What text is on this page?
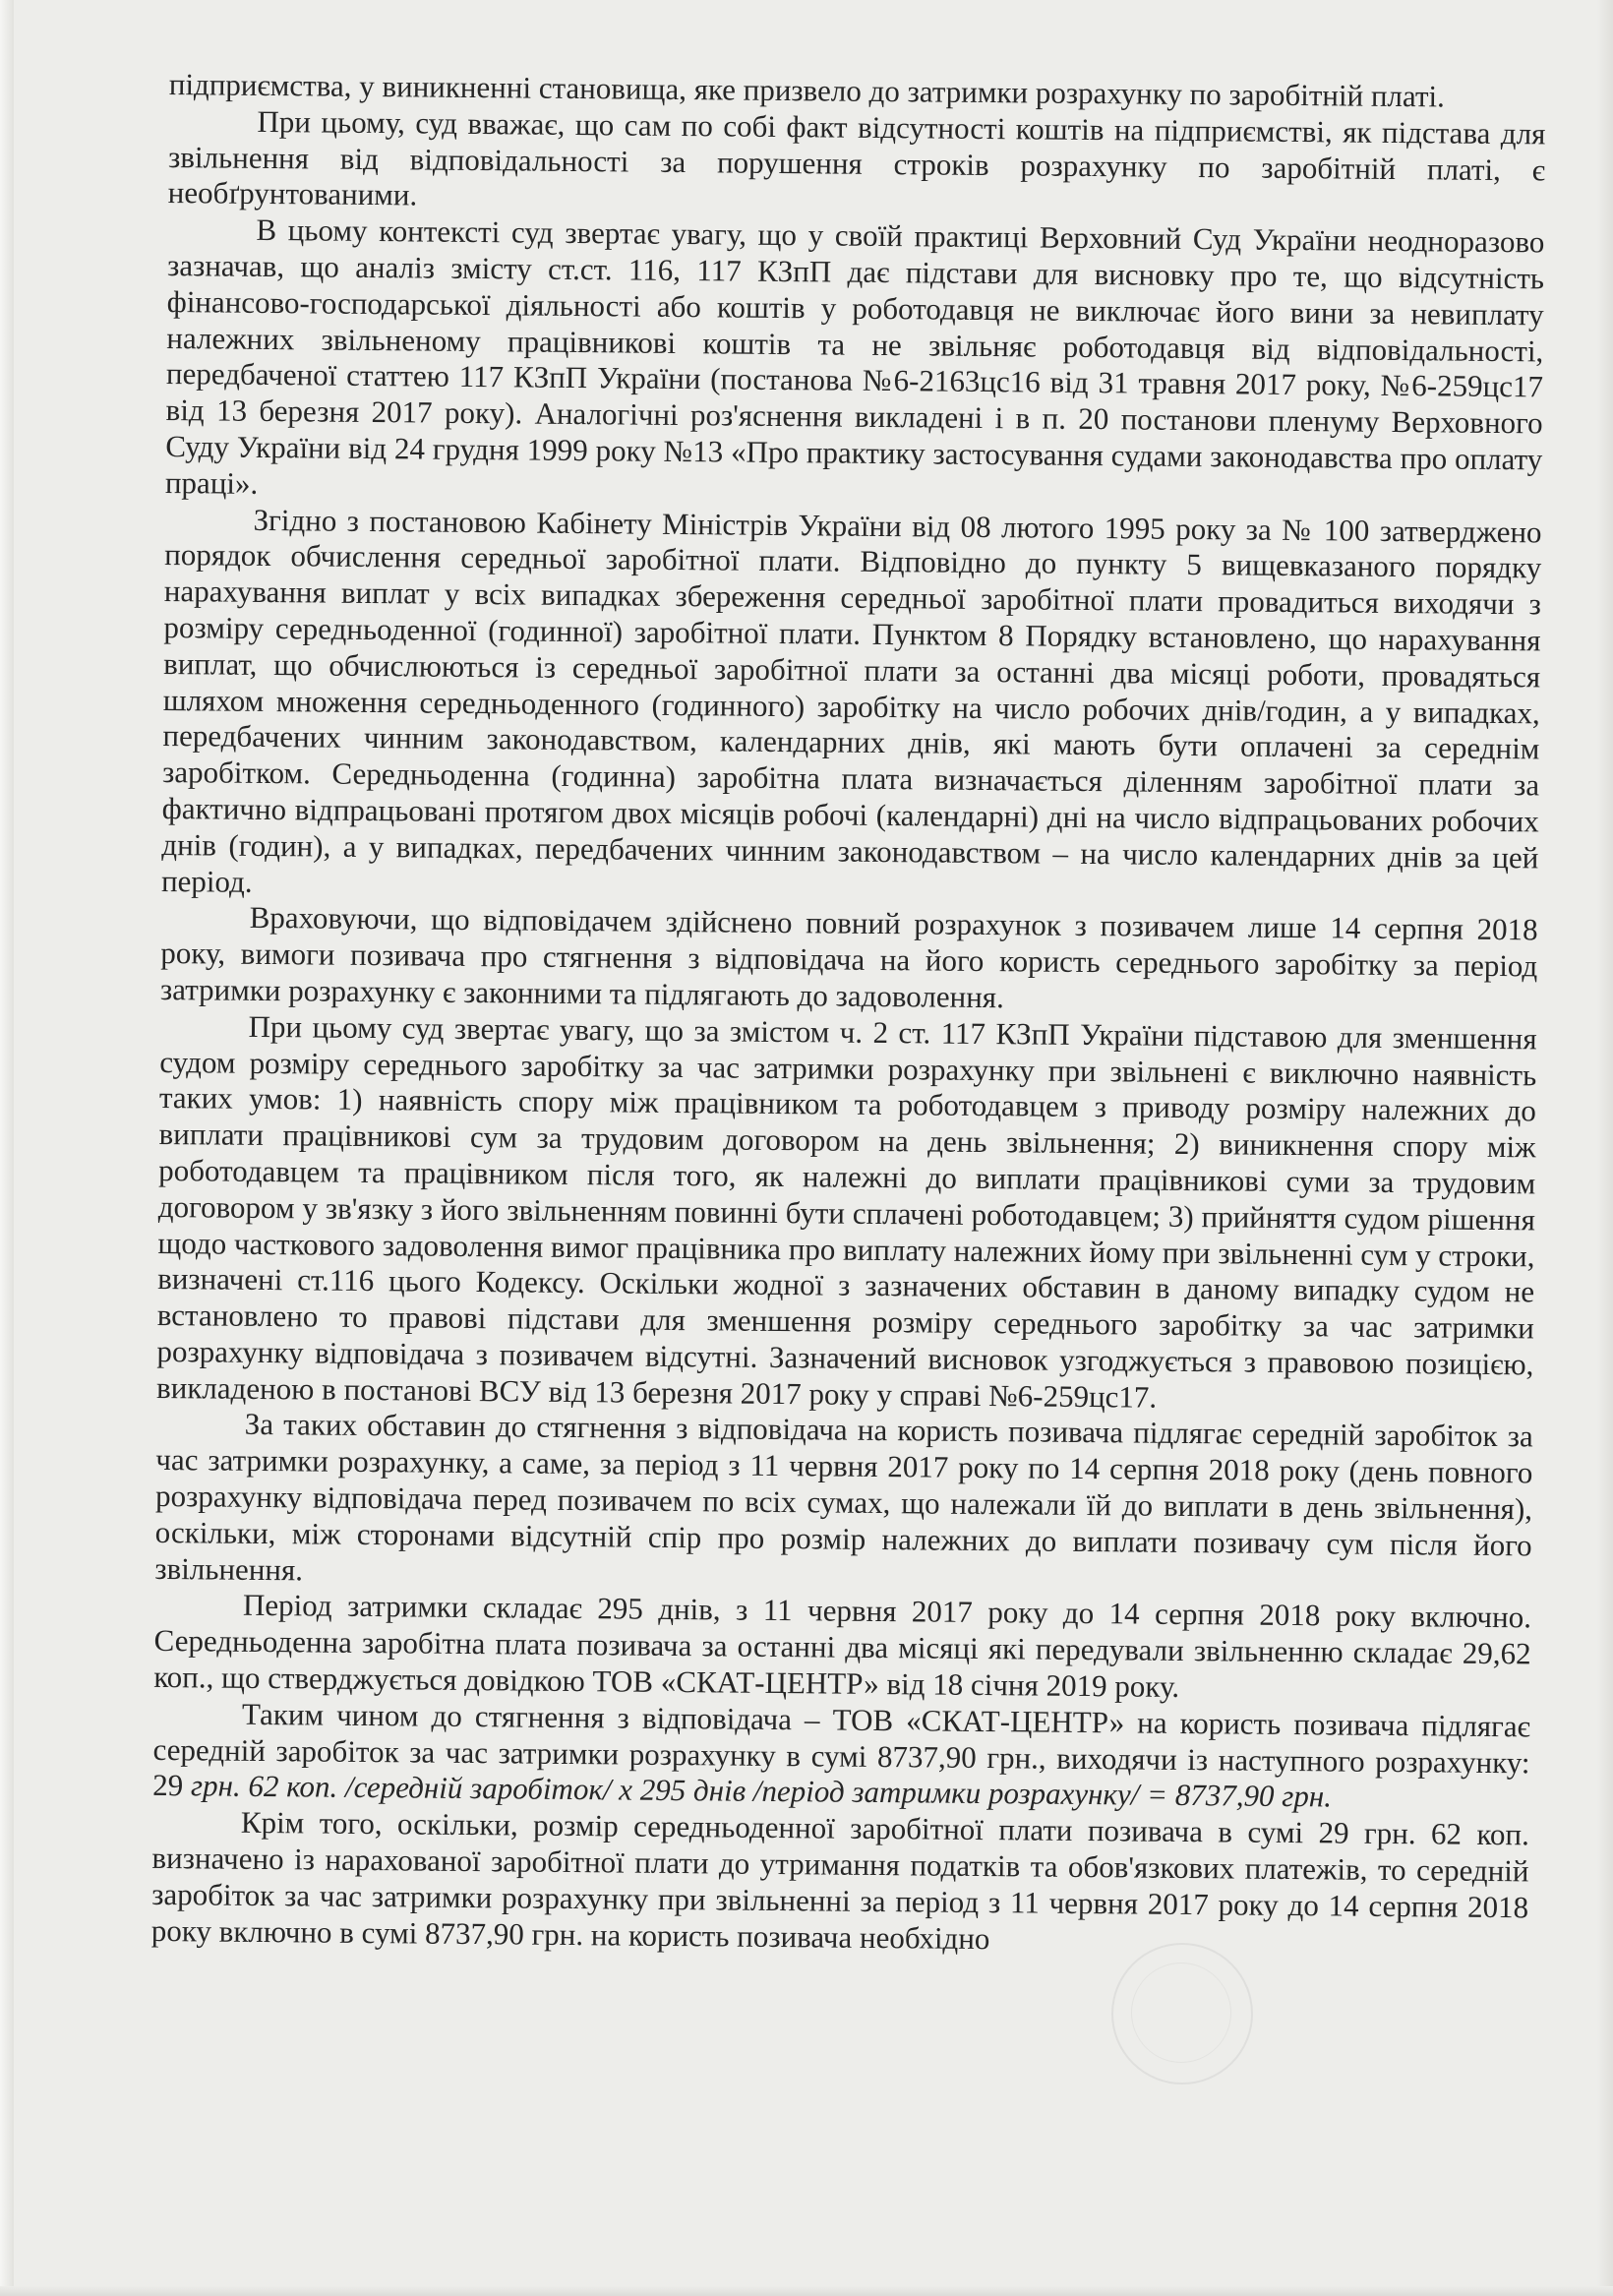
підприємства, у виникненні становища, яке призвело до затримки розрахунку по заробітній платі.

При цьому, суд вважає, що сам по собі факт відсутності коштів на підприємстві, як підстава для звільнення від відповідальності за порушення строків розрахунку по заробітній платі, є необґрунтованими.

В цьому контексті суд звертає увагу, що у своїй практиці Верховний Суд України неодноразово зазначав, що аналіз змісту ст.ст. 116, 117 КЗпП дає підстави для висновку про те, що відсутність фінансово-господарської діяльності або коштів у роботодавця не виключає його вини за невиплату належних звільненому працівникові коштів та не звільняє роботодавця від відповідальності, передбаченої статтею 117 КЗпП України (постанова №6-2163цс16 від 31 травня 2017 року, №6-259цс17 від 13 березня 2017 року). Аналогічні роз'яснення викладені і в п. 20 постанови пленуму Верховного Суду України від 24 грудня 1999 року №13 «Про практику застосування судами законодавства про оплату праці».

Згідно з постановою Кабінету Міністрів України від 08 лютого 1995 року за № 100 затверджено порядок обчислення середньої заробітної плати. Відповідно до пункту 5 вищевказаного порядку нарахування виплат у всіх випадках збереження середньої заробітної плати провадиться виходячи з розміру середньоденної (годинної) заробітної плати. Пунктом 8 Порядку встановлено, що нарахування виплат, що обчислюються із середньої заробітної плати за останні два місяці роботи, провадяться шляхом множення середньоденного (годинного) заробітку на число робочих днів/годин, а у випадках, передбачених чинним законодавством, календарних днів, які мають бути оплачені за середнім заробітком. Середньоденна (годинна) заробітна плата визначається діленням заробітної плати за фактично відпрацьовані протягом двох місяців робочі (календарні) дні на число відпрацьованих робочих днів (годин), а у випадках, передбачених чинним законодавством – на число календарних днів за цей період.

Враховуючи, що відповідачем здійснено повний розрахунок з позивачем лише 14 серпня 2018 року, вимоги позивача про стягнення з відповідача на його користь середнього заробітку за період затримки розрахунку є законними та підлягають до задоволення.

При цьому суд звертає увагу, що за змістом ч. 2 ст. 117 КЗпП України підставою для зменшення судом розміру середнього заробітку за час затримки розрахунку при звільнені є виключно наявність таких умов: 1) наявність спору між працівником та роботодавцем з приводу розміру належних до виплати працівникові сум за трудовим договором на день звільнення; 2) виникнення спору між роботодавцем та працівником після того, як належні до виплати працівникові суми за трудовим договором у зв'язку з його звільненням повинні бути сплачені роботодавцем; 3) прийняття судом рішення щодо часткового задоволення вимог працівника про виплату належних йому при звільненні сум у строки, визначені ст.116 цього Кодексу. Оскільки жодної з зазначених обставин в даному випадку судом не встановлено то правові підстави для зменшення розміру середнього заробітку за час затримки розрахунку відповідача з позивачем відсутні. Зазначений висновок узгоджується з правовою позицією, викладеною в постанові ВСУ від 13 березня 2017 року у справі №6-259цс17.

За таких обставин до стягнення з відповідача на користь позивача підлягає середній заробіток за час затримки розрахунку, а саме, за період з 11 червня 2017 року по 14 серпня 2018 року (день повного розрахунку відповідача перед позивачем по всіх сумах, що належали їй до виплати в день звільнення), оскільки, між сторонами відсутній спір про розмір належних до виплати позивачу сум після його звільнення.

Період затримки складає 295 днів, з 11 червня 2017 року до 14 серпня 2018 року включно. Середньоденна заробітна плата позивача за останні два місяці які передували звільненню складає 29,62 коп., що стверджується довідкою ТОВ «СКАТ-ЦЕНТР» від 18 січня 2019 року.

Таким чином до стягнення з відповідача – ТОВ «СКАТ-ЦЕНТР» на користь позивача підлягає середній заробіток за час затримки розрахунку в сумі 8737,90 грн., виходячи із наступного розрахунку: 29 грн. 62 коп. /середній заробіток/ х 295 днів /період затримки розрахунку/ = 8737,90 грн.

Крім того, оскільки, розмір середньоденної заробітної плати позивача в сумі 29 грн. 62 коп. визначено із нарахованої заробітної плати до утримання податків та обов'язкових платежів, то середній заробіток за час затримки розрахунку при звільненні за період з 11 червня 2017 року до 14 серпня 2018 року включно в сумі 8737,90 грн. на користь позивача необхідно
